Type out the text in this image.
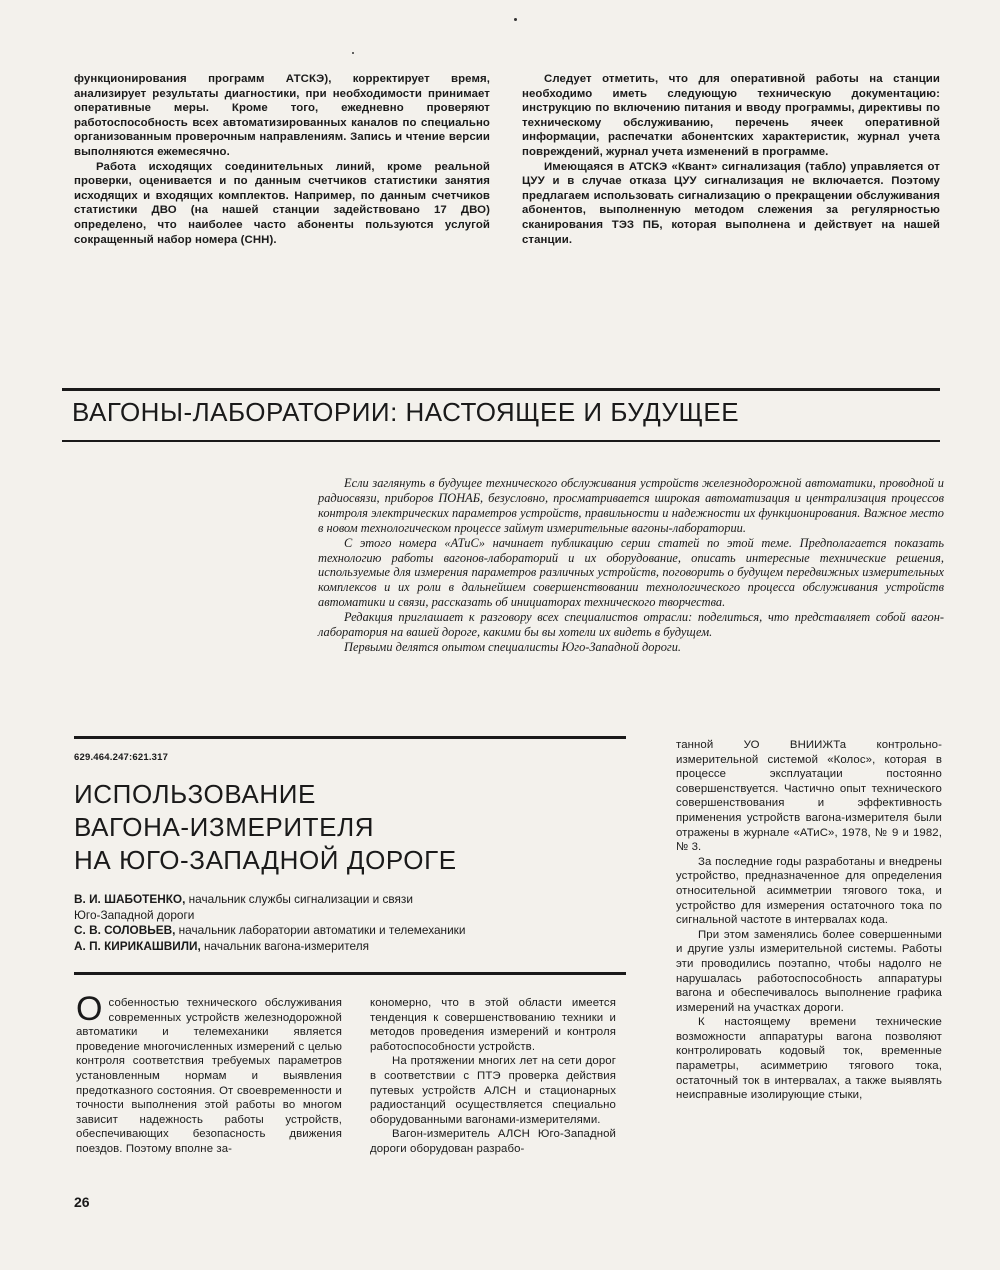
функционирования программ АТСКЭ), корректирует время, анализирует результаты диагностики, при необходимости принимает оперативные меры. Кроме того, ежедневно проверяют работоспособность всех автоматизированных каналов по специально организованным проверочным направлениям. Запись и чтение версии выполняются ежемесячно.

Работа исходящих соединительных линий, кроме реальной проверки, оценивается и по данным счетчиков статистики занятия исходящих и входящих комплектов. Например, по данным счетчиков статистики ДВО (на нашей станции задействовано 17 ДВО) определено, что наиболее часто абоненты пользуются услугой сокращенный набор номера (СНН).

Следует отметить, что для оперативной работы на станции необходимо иметь следующую техническую документацию: инструкцию по включению питания и вводу программы, директивы по техническому обслуживанию, перечень ячеек оперативной информации, распечатки абонентских характеристик, журнал учета повреждений, журнал учета изменений в программе.

Имеющаяся в АТСКЭ «Квант» сигнализация (табло) управляется от ЦУУ и в случае отказа ЦУУ сигнализация не включается. Поэтому предлагаем использовать сигнализацию о прекращении обслуживания абонентов, выполненную методом слежения за регулярностью сканирования ТЭЗ ПБ, которая выполнена и действует на нашей станции.

ВАГОНЫ-ЛАБОРАТОРИИ: НАСТОЯЩЕЕ И БУДУЩЕЕ

Если заглянуть в будущее технического обслуживания устройств железнодорожной автоматики, проводной и радиосвязи, приборов ПОНАБ, безусловно, просматривается широкая автоматизация и централизация процессов контроля электрических параметров устройств, правильности и надежности их функционирования. Важное место в новом технологическом процессе займут измерительные вагоны-лаборатории.

С этого номера «АТиС» начинает публикацию серии статей по этой теме. Предполагается показать технологию работы вагонов-лабораторий и их оборудование, описать интересные технические решения, используемые для измерения параметров различных устройств, поговорить о будущем передвижных измерительных комплексов и их роли в дальнейшем совершенствовании технологического процесса обслуживания устройств автоматики и связи, рассказать об инициаторах технического творчества.

Редакция приглашает к разговору всех специалистов отрасли: поделиться, что представляет собой вагон-лаборатория на вашей дороге, какими бы вы хотели их видеть в будущем.

Первыми делятся опытом специалисты Юго-Западной дороги.

629.464.247:621.317
ИСПОЛЬЗОВАНИЕ
ВАГОНА-ИЗМЕРИТЕЛЯ
НА ЮГО-ЗАПАДНОЙ ДОРОГЕ
В. И. ШАБОТЕНКО, начальник службы сигнализации и связи
Юго-Западной дороги
С. В. СОЛОВЬЕВ, начальник лаборатории автоматики и телемеханики
А. П. КИРИКАШВИЛИ, начальник вагона-измерителя

Особенностью технического обслуживания современных устройств железнодорожной автоматики и телемеханики является проведение многочисленных измерений с целью контроля соответствия требуемых параметров установленным нормам и выявления предотказного состояния. От своевременности и точности выполнения этой работы во многом зависит надежность работы устройств, обеспечивающих безопасность движения поездов. Поэтому вполне за-

кономерно, что в этой области имеется тенденция к совершенствованию техники и методов проведения измерений и контроля работоспособности устройств.

На протяжении многих лет на сети дорог в соответствии с ПТЭ проверка действия путевых устройств АЛСН и стационарных радиостанций осуществляется специально оборудованными вагонами-измерителями.

Вагон-измеритель АЛСН Юго-Западной дороги оборудован разрабо-

танной УО ВНИИЖТа контрольно-измерительной системой «Колос», которая в процессе эксплуатации постоянно совершенствуется. Частично опыт технического совершенствования и эффективность применения устройств вагона-измерителя были отражены в журнале «АТиС», 1978, № 9 и 1982, № 3.

За последние годы разработаны и внедрены устройство, предназначенное для определения относительной асимметрии тягового тока, и устройство для измерения остаточного тока по сигнальной частоте в интервалах кода.

При этом заменялись более совершенными и другие узлы измерительной системы. Работы эти проводились поэтапно, чтобы надолго не нарушалась работоспособность аппаратуры вагона и обеспечивалось выполнение графика измерений на участках дороги.

К настоящему времени технические возможности аппаратуры вагона позволяют контролировать кодовый ток, временные параметры, асимметрию тягового тока, остаточный ток в интервалах, а также выявлять неисправные изолирующие стыки,

26
